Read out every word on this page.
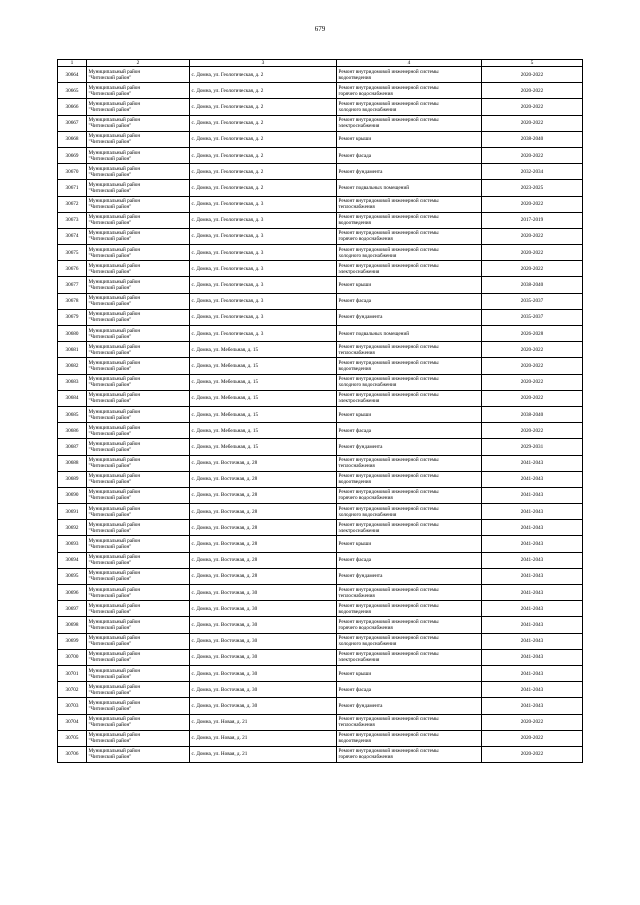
679
1	2	3	4	5
30664	Муниципальный район
"Читинский район"	с. Домна, ул. Геологическая, д. 2	Ремонт внутридомовой инженерной системы
водоотведения	2020-2022
30665	Муниципальный район
"Читинский район"	с. Домна, ул. Геологическая, д. 2	Ремонт внутридомовой инженерной системы
горячего водоснабжения	2020-2022
30666	Муниципальный район
"Читинский район"	с. Домна, ул. Геологическая, д. 2	Ремонт внутридомовой инженерной системы
холодного водоснабжения	2020-2022
30667	Муниципальный район
"Читинский район"	с. Домна, ул. Геологическая, д. 2	Ремонт внутридомовой инженерной системы
электроснабжения	2020-2022
30668	Муниципальный район
"Читинский район"	с. Домна, ул. Геологическая, д. 2	Ремонт крыши	2038-2040
30669	Муниципальный район
"Читинский район"	с. Домна, ул. Геологическая, д. 2	Ремонт фасада	2020-2022
30670	Муниципальный район
"Читинский район"	с. Домна, ул. Геологическая, д. 2	Ремонт фундамента	2032-2034
30671	Муниципальный район
"Читинский район"	с. Домна, ул. Геологическая, д. 2	Ремонт подвальных помещений	2023-2025
30672	Муниципальный район
"Читинский район"	с. Домна, ул. Геологическая, д. 3	Ремонт внутридомовой инженерной системы
теплоснабжения	2020-2022
30673	Муниципальный район
"Читинский район"	с. Домна, ул. Геологическая, д. 3	Ремонт внутридомовой инженерной системы
водоотведения	2017-2019
30674	Муниципальный район
"Читинский район"	с. Домна, ул. Геологическая, д. 3	Ремонт внутридомовой инженерной системы
горячего водоснабжения	2020-2022
30675	Муниципальный район
"Читинский район"	с. Домна, ул. Геологическая, д. 3	Ремонт внутридомовой инженерной системы
холодного водоснабжения	2020-2022
30676	Муниципальный район
"Читинский район"	с. Домна, ул. Геологическая, д. 3	Ремонт внутридомовой инженерной системы
электроснабжения	2020-2022
30677	Муниципальный район
"Читинский район"	с. Домна, ул. Геологическая, д. 3	Ремонт крыши	2038-2040
30678	Муниципальный район
"Читинский район"	с. Домна, ул. Геологическая, д. 3	Ремонт фасада	2035-2037
30679	Муниципальный район
"Читинский район"	с. Домна, ул. Геологическая, д. 3	Ремонт фундамента	2035-2037
30680	Муниципальный район
"Читинский район"	с. Домна, ул. Геологическая, д. 3	Ремонт подвальных помещений	2026-2028
30681	Муниципальный район
"Читинский район"	с. Домна, ул. Мебельная, д. 15	Ремонт внутридомовой инженерной системы
теплоснабжения	2020-2022
30682	Муниципальный район
"Читинский район"	с. Домна, ул. Мебельная, д. 15	Ремонт внутридомовой инженерной системы
водоотведения	2020-2022
30683	Муниципальный район
"Читинский район"	с. Домна, ул. Мебельная, д. 15	Ремонт внутридомовой инженерной системы
холодного водоснабжения	2020-2022
30684	Муниципальный район
"Читинский район"	с. Домна, ул. Мебельная, д. 15	Ремонт внутридомовой инженерной системы
электроснабжения	2020-2022
30685	Муниципальный район
"Читинский район"	с. Домна, ул. Мебельная, д. 15	Ремонт крыши	2038-2040
30686	Муниципальный район
"Читинский район"	с. Домна, ул. Мебельная, д. 15	Ремонт фасада	2020-2022
30687	Муниципальный район
"Читинский район"	с. Домна, ул. Мебельная, д. 15	Ремонт фундамента	2029-2031
30688	Муниципальный район
"Читинский район"	с. Домна, ул. Восточная, д. 28	Ремонт внутридомовой инженерной системы
теплоснабжения	2041-2043
30689	Муниципальный район
"Читинский район"	с. Домна, ул. Восточная, д. 28	Ремонт внутридомовой инженерной системы
водоотведения	2041-2043
30690	Муниципальный район
"Читинский район"	с. Домна, ул. Восточная, д. 28	Ремонт внутридомовой инженерной системы
горячего водоснабжения	2041-2043
30691	Муниципальный район
"Читинский район"	с. Домна, ул. Восточная, д. 28	Ремонт внутридомовой инженерной системы
холодного водоснабжения	2041-2043
30692	Муниципальный район
"Читинский район"	с. Домна, ул. Восточная, д. 28	Ремонт внутридомовой инженерной системы
электроснабжения	2041-2043
30693	Муниципальный район
"Читинский район"	с. Домна, ул. Восточная, д. 28	Ремонт крыши	2041-2043
30694	Муниципальный район
"Читинский район"	с. Домна, ул. Восточная, д. 28	Ремонт фасада	2041-2043
30695	Муниципальный район
"Читинский район"	с. Домна, ул. Восточная, д. 28	Ремонт фундамента	2041-2043
30696	Муниципальный район
"Читинский район"	с. Домна, ул. Восточная, д. 30	Ремонт внутридомовой инженерной системы
теплоснабжения	2041-2043
30697	Муниципальный район
"Читинский район"	с. Домна, ул. Восточная, д. 30	Ремонт внутридомовой инженерной системы
водоотведения	2041-2043
30698	Муниципальный район
"Читинский район"	с. Домна, ул. Восточная, д. 30	Ремонт внутридомовой инженерной системы
горячего водоснабжения	2041-2043
30699	Муниципальный район
"Читинский район"	с. Домна, ул. Восточная, д. 30	Ремонт внутридомовой инженерной системы
холодного водоснабжения	2041-2043
30700	Муниципальный район
"Читинский район"	с. Домна, ул. Восточная, д. 30	Ремонт внутридомовой инженерной системы
электроснабжения	2041-2043
30701	Муниципальный район
"Читинский район"	с. Домна, ул. Восточная, д. 30	Ремонт крыши	2041-2043
30702	Муниципальный район
"Читинский район"	с. Домна, ул. Восточная, д. 30	Ремонт фасада	2041-2043
30703	Муниципальный район
"Читинский район"	с. Домна, ул. Восточная, д. 30	Ремонт фундамента	2041-2043
30704	Муниципальный район
"Читинский район"	с. Домна, ул. Новая, д. 21	Ремонт внутридомовой инженерной системы
теплоснабжения	2020-2022
30705	Муниципальный район
"Читинский район"	с. Домна, ул. Новая, д. 21	Ремонт внутридомовой инженерной системы
водоотведения	2020-2022
30706	Муниципальный район
"Читинский район"	с. Домна, ул. Новая, д. 21	Ремонт внутридомовой инженерной системы
горячего водоснабжения	2020-2022
